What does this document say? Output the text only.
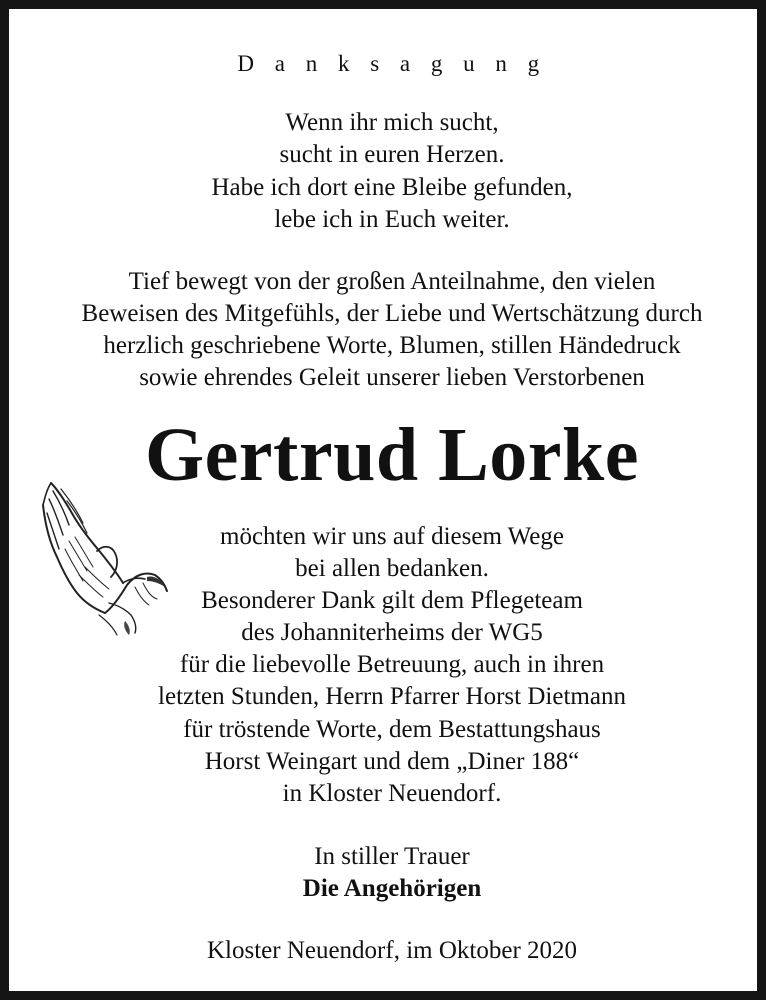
D a n k s a g u n g
Wenn ihr mich sucht,
sucht in euren Herzen.
Habe ich dort eine Bleibe gefunden,
lebe ich in Euch weiter.
Tief bewegt von der großen Anteilnahme, den vielen
Beweisen des Mitgefühls, der Liebe und Wertschätzung durch
herzlich geschriebene Worte, Blumen, stillen Händedruck
sowie ehrendes Geleit unserer lieben Verstorbenen
Gertrud Lorke
möchten wir uns auf diesem Wege
bei allen bedanken.
Besonderer Dank gilt dem Pflegeteam
des Johanniterheims der WG5
für die liebevolle Betreuung, auch in ihren
letzten Stunden, Herrn Pfarrer Horst Dietmann
für tröstende Worte, dem Bestattungshaus
Horst Weingart und dem „Diner 188“
in Kloster Neuendorf.
In stiller Trauer
Die Angehörigen
Kloster Neuendorf, im Oktober 2020
